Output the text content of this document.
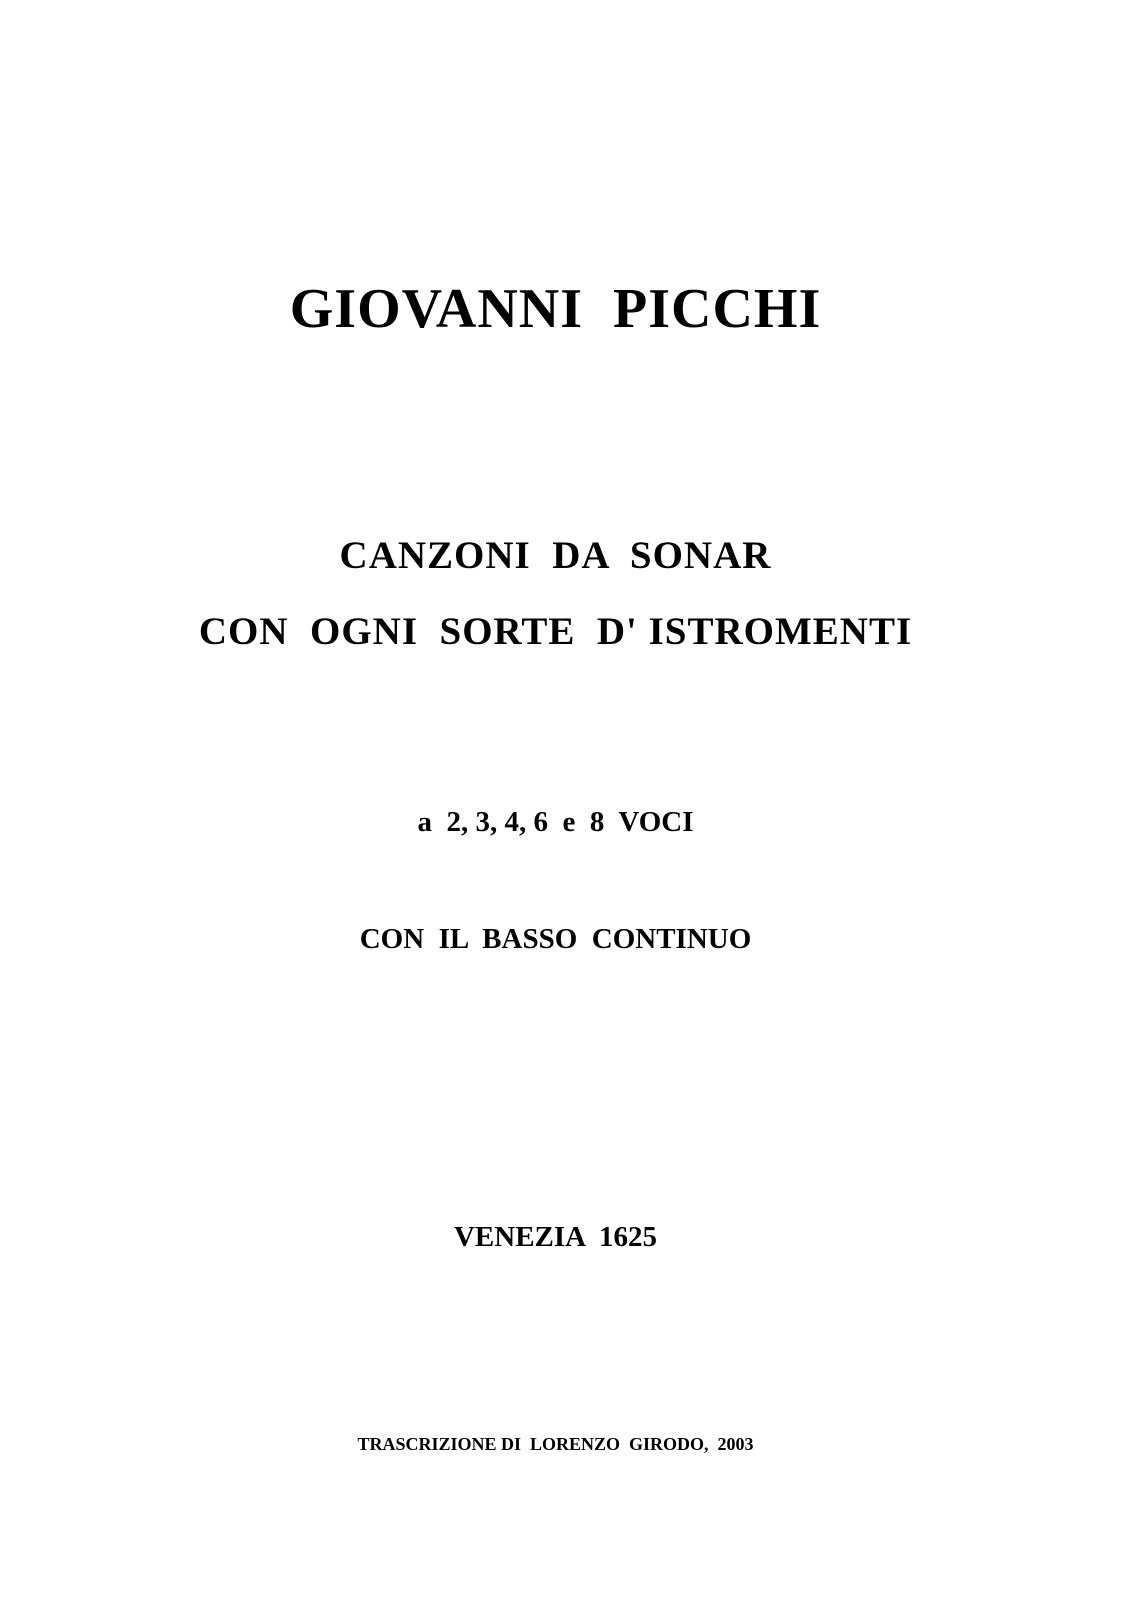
GIOVANNI  PICCHI
CANZONI  DA  SONAR
CON  OGNI  SORTE  D' ISTROMENTI
a  2, 3, 4, 6  e  8  VOCI
CON  IL  BASSO  CONTINUO
VENEZIA  1625
TRASCRIZIONE DI  LORENZO  GIRODO,  2003
